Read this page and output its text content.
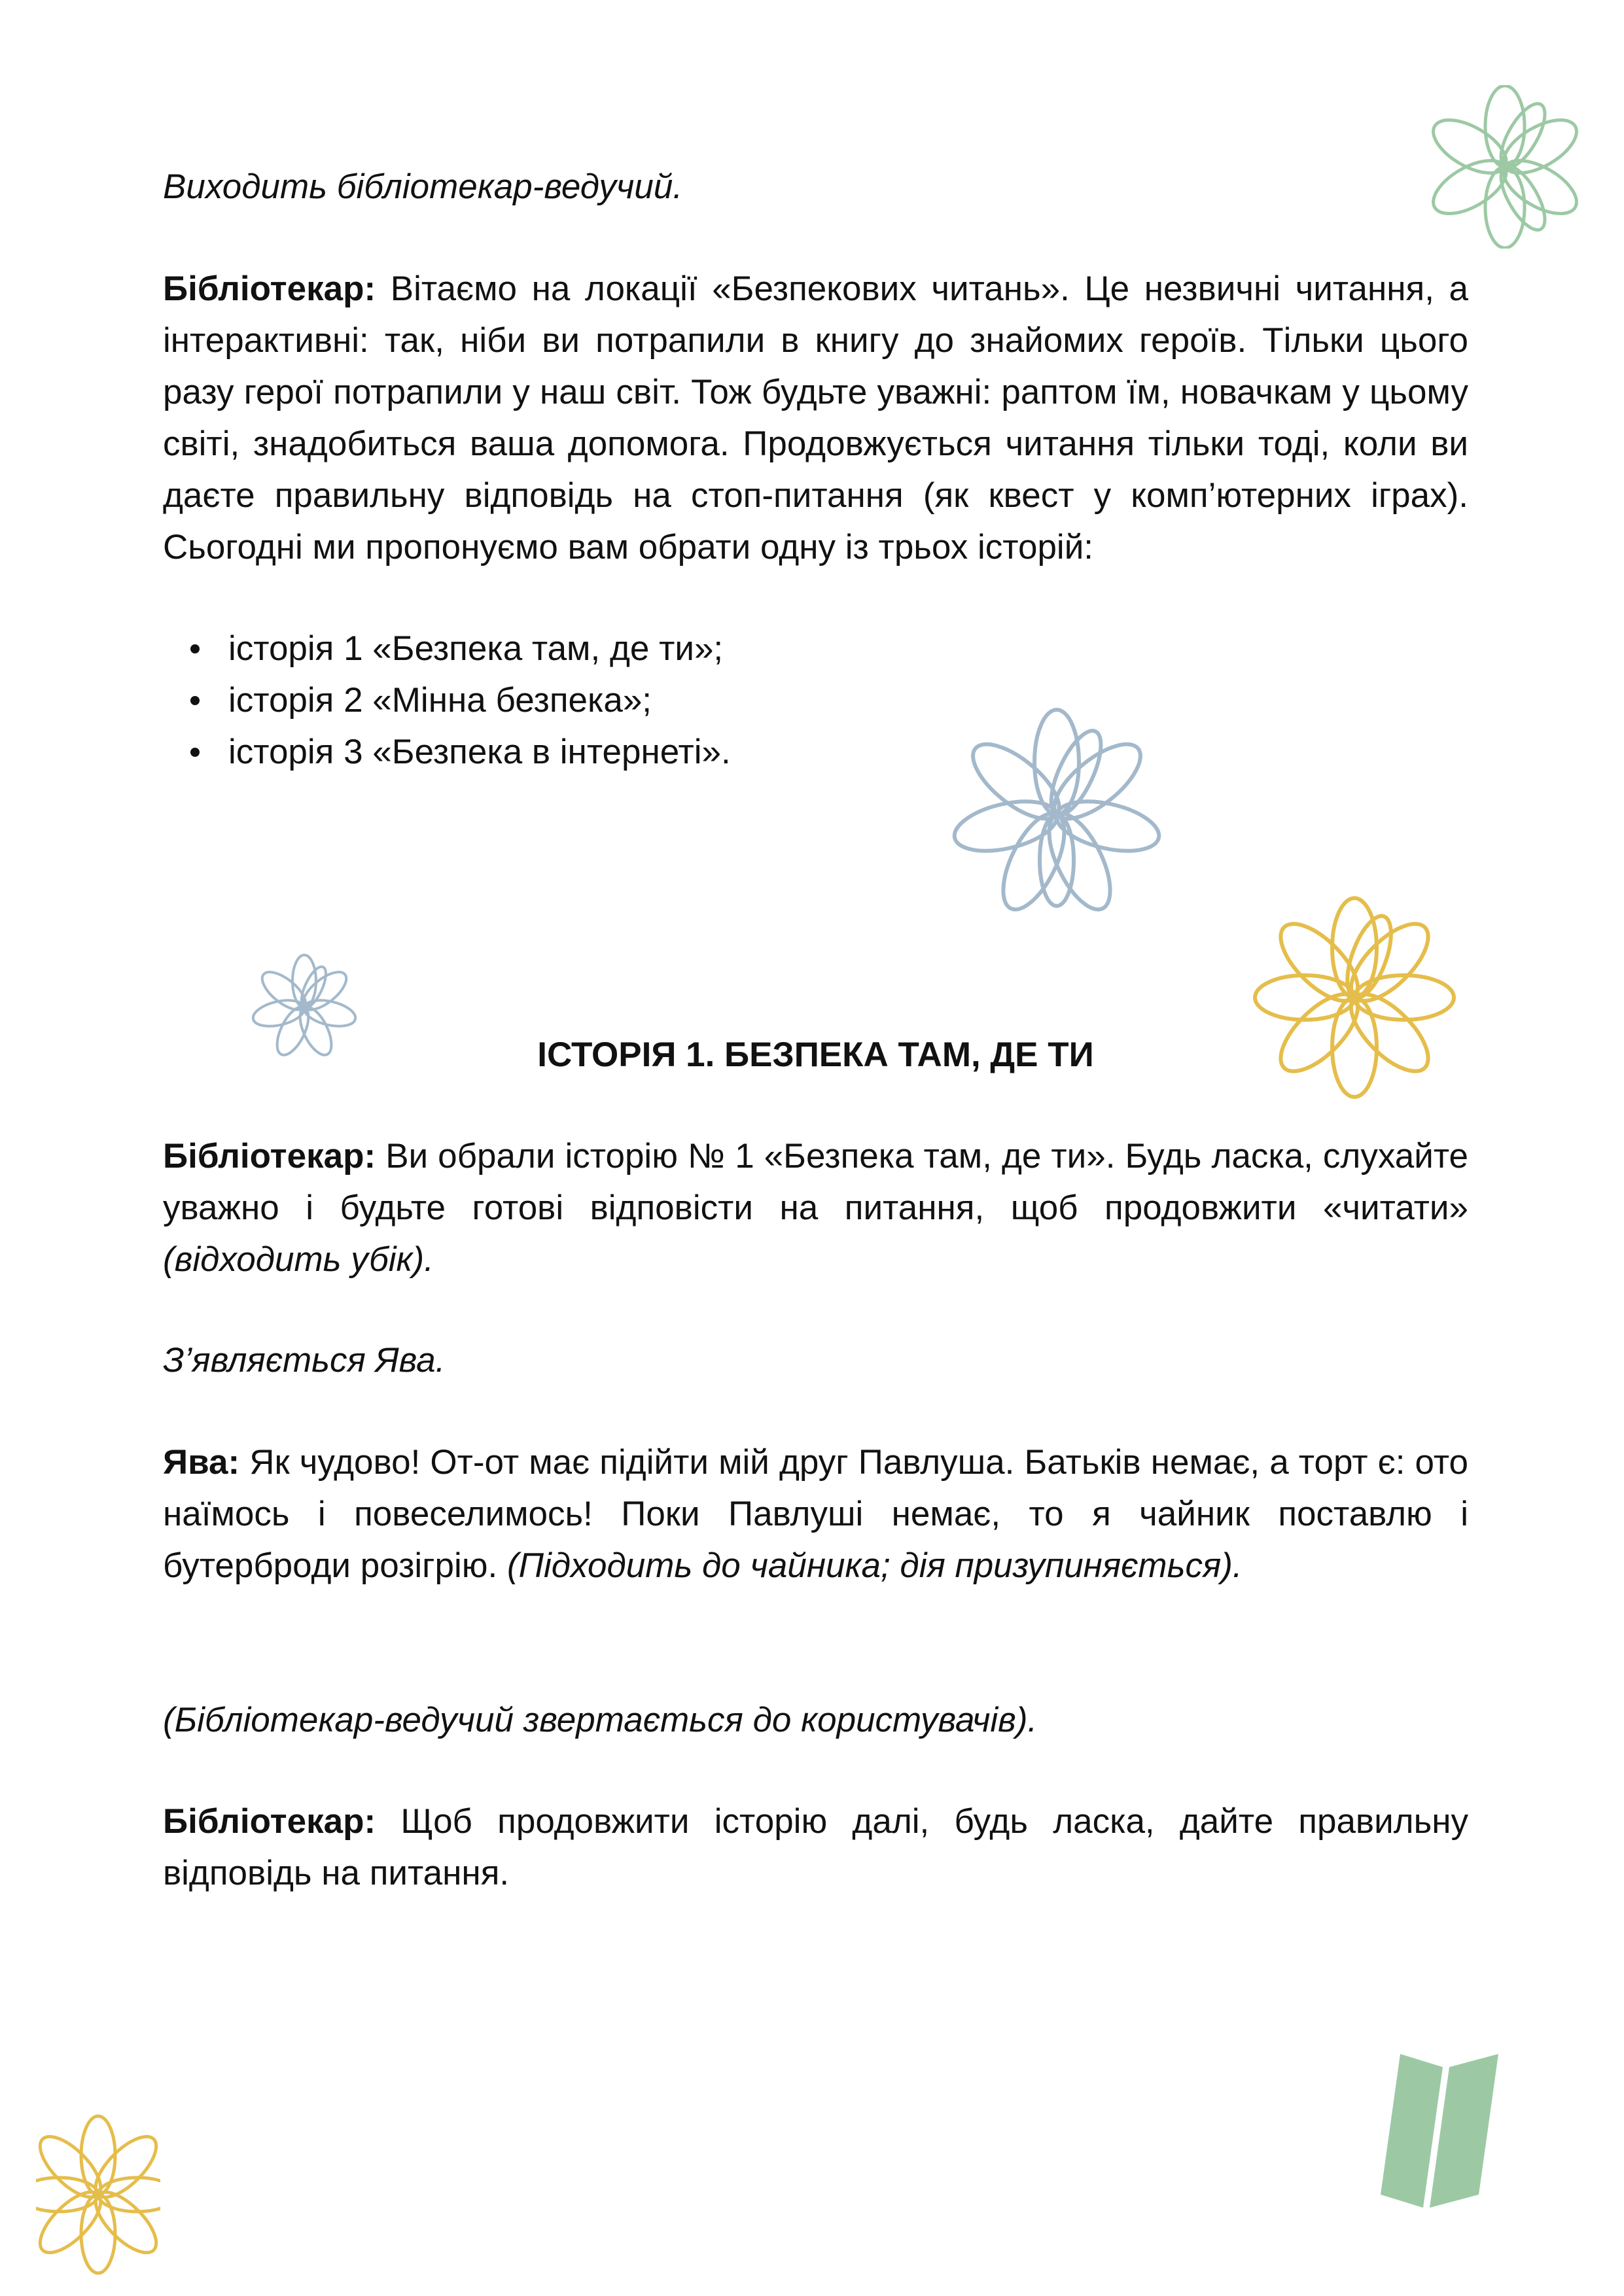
Виходить бібліотекар-ведучий.
Бібліотекар: Вітаємо на локації «Безпекових читань». Це незвичні читання, а інтерактивні: так, ніби ви потрапили в книгу до знайомих героїв. Тільки цього разу герої потрапили у наш світ. Тож будьте уважні: раптом їм, новачкам у цьому світі, знадобиться ваша допомога. Продовжується читання тільки тоді, коли ви даєте правильну відповідь на стоп-питання (як квест у комп’ютерних іграх). Сьогодні ми пропонуємо вам обрати одну із трьох історій:
історія 1 «Безпека там, де ти»;
історія 2 «Мінна безпека»;
історія 3 «Безпека в інтернеті».
ІСТОРІЯ 1. БЕЗПЕКА ТАМ, ДЕ ТИ
Бібліотекар: Ви обрали історію № 1 «Безпека там, де ти». Будь ласка, слухайте уважно і будьте готові відповісти на питання, щоб продовжити «читати» (відходить убік).
З’являється Ява.
Ява: Як чудово! От-от має підійти мій друг Павлуша. Батьків немає, а торт є: ото наїмось і повеселимось! Поки Павлуші немає, то я чайник поставлю і бутерброди розігрію. (Підходить до чайника; дія призупиняється).
(Бібліотекар-ведучий звертається до користувачів).
Бібліотекар: Щоб продовжити історію далі, будь ласка, дайте правильну відповідь на питання.
